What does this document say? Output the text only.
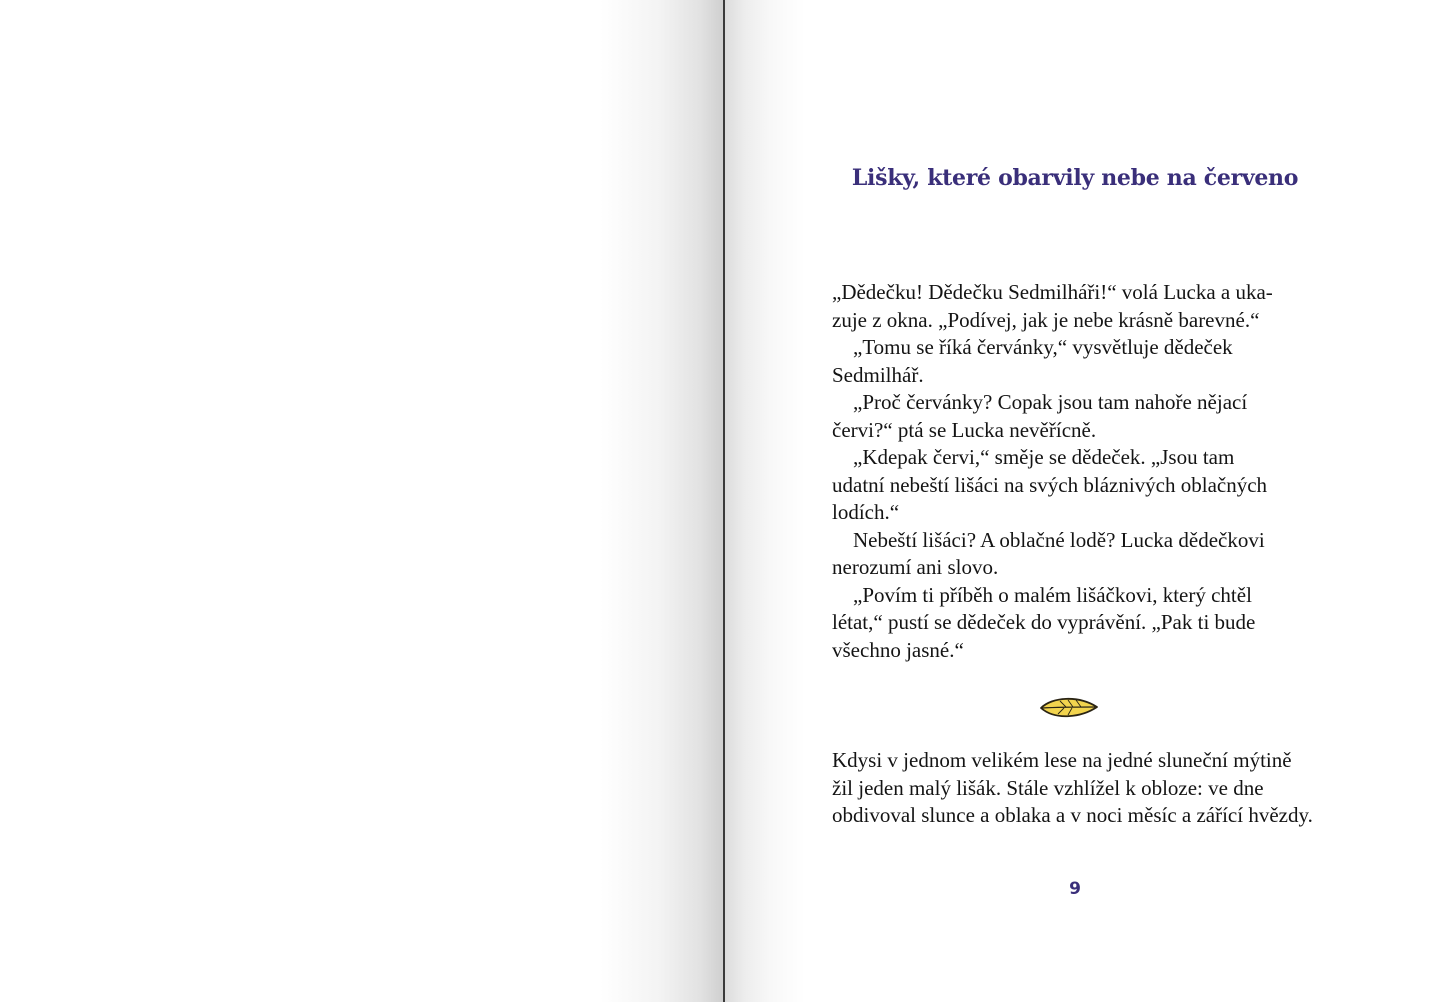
Lišky, které obarvily nebe na červeno

„Dědečku! Dědečku Sedmilháři!“ volá Lucka a uka-

zuje z okna. „Podívej, jak je nebe krásně barevné.“

„Tomu se říká červánky,“ vysvětluje dědeček

Sedmilhář.

„Proč červánky? Copak jsou tam nahoře nějací

červi?“ ptá se Lucka nevěřícně.

„Kdepak červi,“ směje se dědeček. „Jsou tam

udatní nebeští lišáci na svých bláznivých oblačných

lodích.“

Nebeští lišáci? A oblačné lodě? Lucka dědečkovi

nerozumí ani slovo.

„Povím ti příběh o malém lišáčkovi, který chtěl

létat,“ pustí se dědeček do vyprávění. „Pak ti bude

všechno jasné.“

Kdysi v jednom velikém lese na jedné sluneční mýtině

žil jeden malý lišák. Stále vzhlížel k obloze: ve dne

obdivoval slunce a oblaka a v noci měsíc a zářící hvězdy.

9
